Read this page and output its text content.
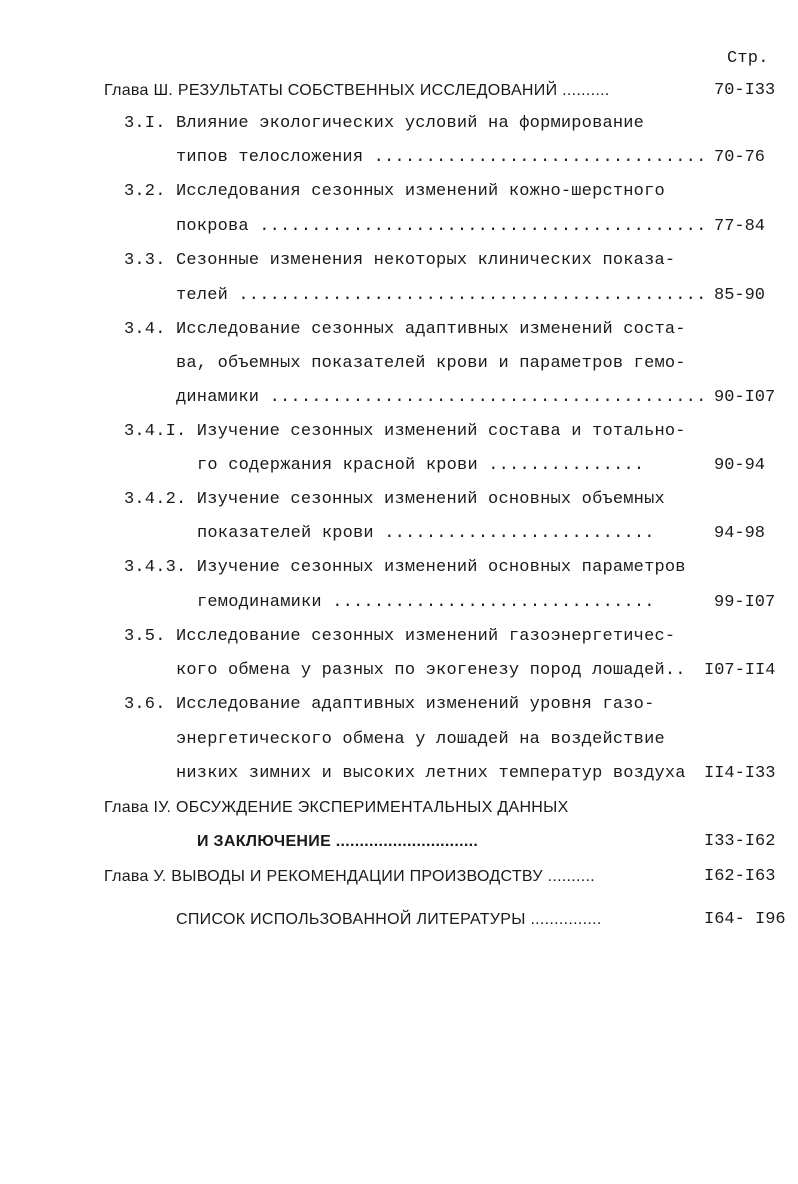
Стр.
Глава Ш. РЕЗУЛЬТАТЫ СОБСТВЕННЫХ ИССЛЕДОВАНИЙ ..........	70-I33
3.I. Влияние экологических условий на формирование
типов телосложения ................................ 70-76
3.2. Исследования сезонных изменений кожно-шерстного
покрова ........................................... 77-84
3.3. Сезонные изменения некоторых клинических показа-
телей ............................................. 85-90
3.4. Исследование сезонных адаптивных изменений соста-
ва, объемных показателей крови и параметров гемо-
динамики .......................................... 90-I07
3.4.I. Изучение сезонных изменений состава и тотально-
го содержания красной крови ...............	90-94
3.4.2. Изучение сезонных изменений основных объемных
показателей крови ..........................	94-98
3.4.3. Изучение сезонных изменений основных параметров
гемодинамики ...............................	99-I07
3.5. Исследование сезонных изменений газоэнергетичес-
кого обмена у разных по экогенезу пород лошадей.. I07-II4
3.6. Исследование адаптивных изменений уровня газо-
энергетического обмена у лошадей на воздействие
низких зимних и высоких летних температур воздуха II4-I33
Глава IУ. ОБСУЖДЕНИЕ ЭКСПЕРИМЕНТАЛЬНЫХ ДАННЫХ
И ЗАКЛЮЧЕНИЕ ..............................	I33-I62
Глава У. ВЫВОДЫ И РЕКОМЕНДАЦИИ ПРОИЗВОДСТВУ ..........	I62-I63
СПИСОК ИСПОЛЬЗОВАННОЙ ЛИТЕРАТУРЫ ...............	I64- I96
